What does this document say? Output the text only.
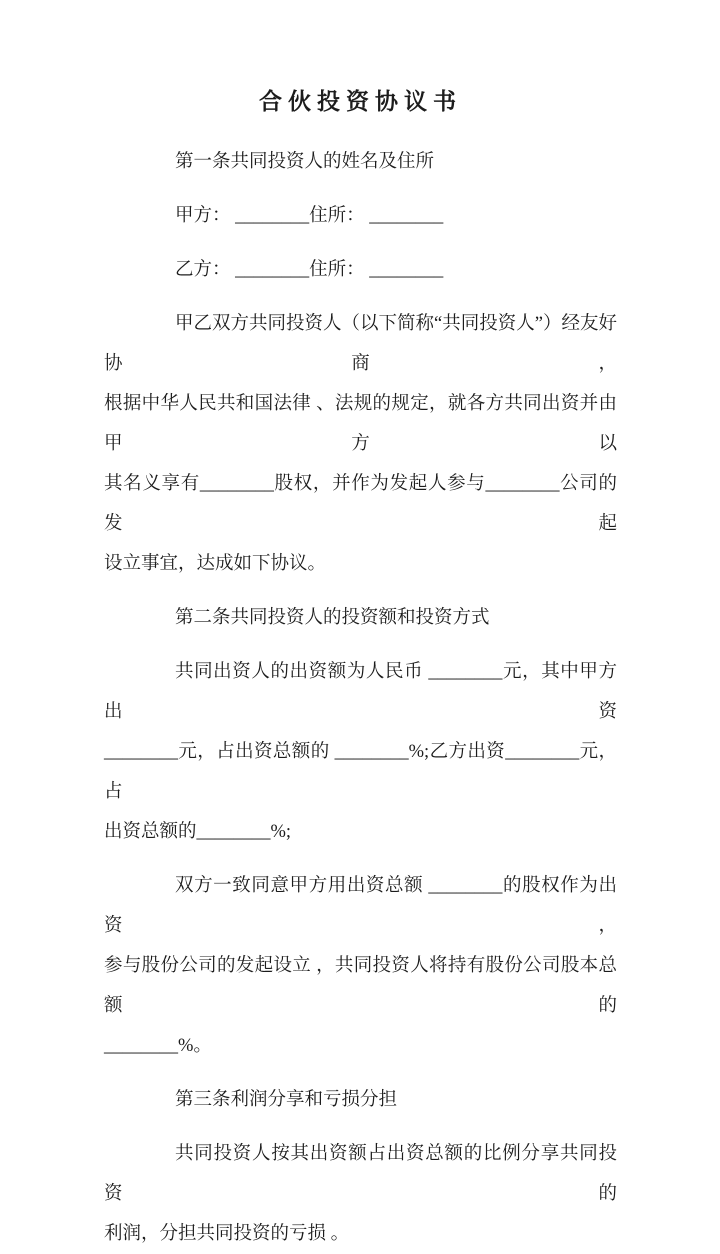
合伙投资协议书
第一条共同投资人的姓名及住所
甲方： ________住所： ________
乙方： ________住所： ________
甲乙双方共同投资人（以下简称“共同投资人”）经友好协商，
根据中华人民共和国法律 、法规的规定，就各方共同出资并由甲方以
其名义享有________股权，并作为发起人参与________公司的发起
设立事宜，达成如下协议。
第二条共同投资人的投资额和投资方式
共同出资人的出资额为人民币 ________元，其中甲方出资
________元，占出资总额的 ________%;乙方出资________元，占
出资总额的________%;
双方一致同意甲方用出资总额 ________的股权作为出资，
参与股份公司的发起设立 ，共同投资人将持有股份公司股本总额的
________%。
第三条利润分享和亏损分担
共同投资人按其出资额占出资总额的比例分享共同投资的
利润，分担共同投资的亏损 。
